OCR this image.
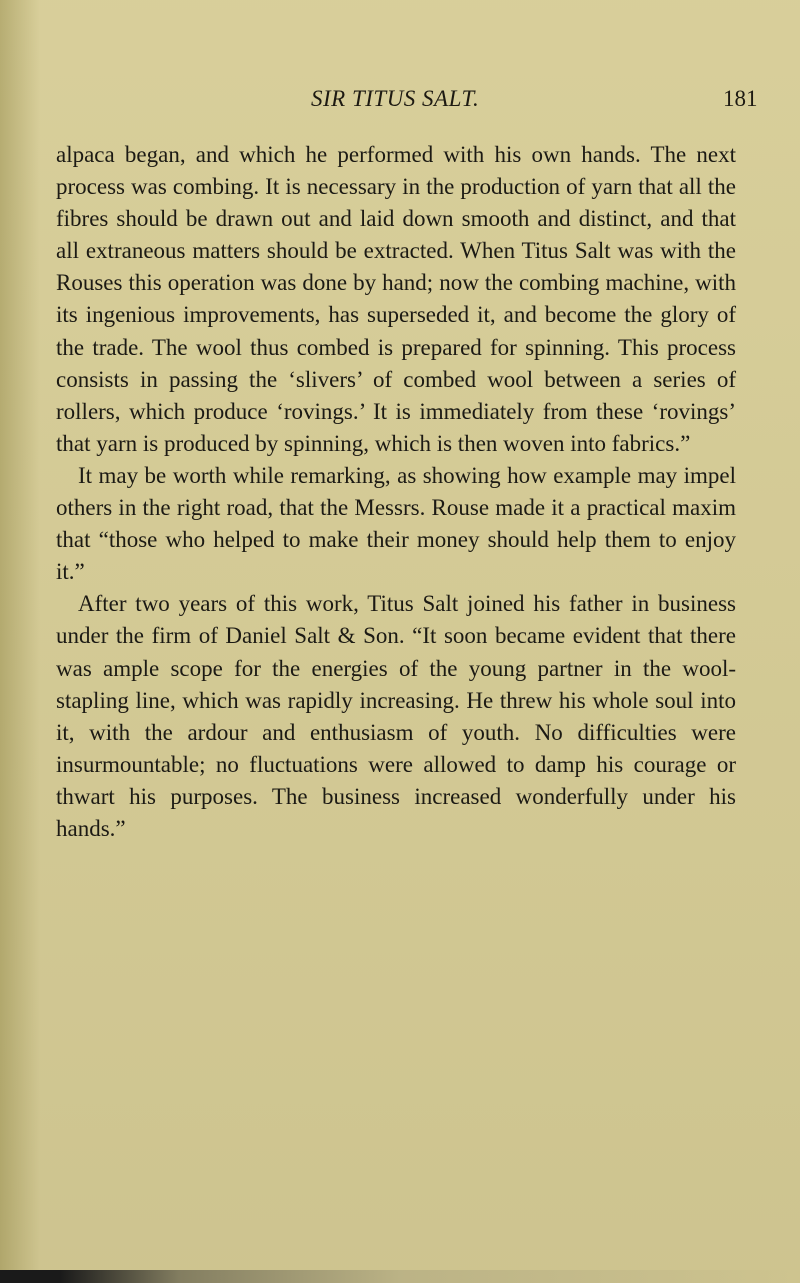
SIR TITUS SALT.	181

alpaca began, and which he performed with his own hands. The next process was combing. It is necessary in the production of yarn that all the fibres should be drawn out and laid down smooth and distinct, and that all extraneous matters should be extracted. When Titus Salt was with the Rouses this operation was done by hand; now the combing machine, with its ingenious improvements, has superseded it, and become the glory of the trade. The wool thus combed is prepared for spinning. This process consists in passing the ‘slivers’ of combed wool between a series of rollers, which produce ‘rovings.’ It is immediately from these ‘rovings’ that yarn is produced by spinning, which is then woven into fabrics.”

It may be worth while remarking, as showing how example may impel others in the right road, that the Messrs. Rouse made it a practical maxim that “those who helped to make their money should help them to enjoy it.”

After two years of this work, Titus Salt joined his father in business under the firm of Daniel Salt & Son. “It soon became evident that there was ample scope for the energies of the young partner in the wool-stapling line, which was rapidly increasing. He threw his whole soul into it, with the ardour and enthusiasm of youth. No difficulties were insurmountable; no fluctuations were allowed to damp his courage or thwart his purposes. The business increased wonderfully under his hands.”
